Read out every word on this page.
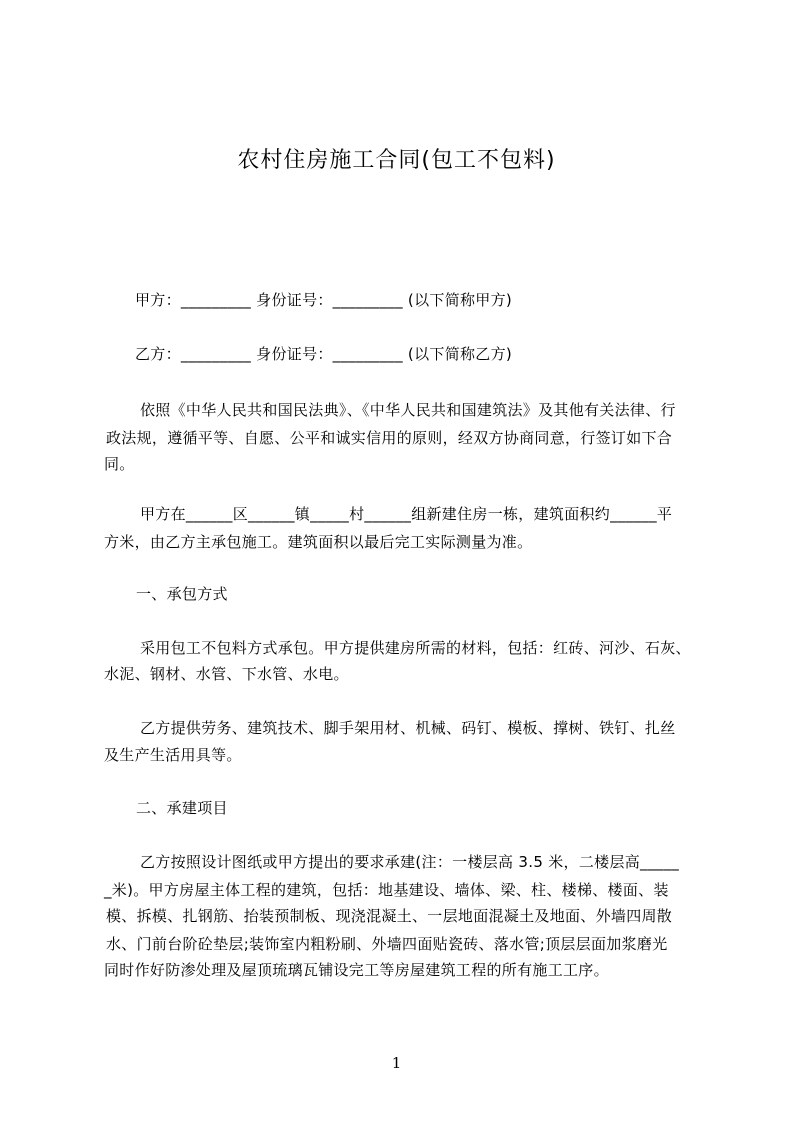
农村住房施工合同(包工不包料)
甲方：_________ 身份证号：_________ (以下简称甲方)
乙方：_________ 身份证号：_________ (以下简称乙方)
依照《中华人民共和国民法典》、《中华人民共和国建筑法》及其他有关法律、行
政法规，遵循平等、自愿、公平和诚实信用的原则，经双方协商同意，行签订如下合
同。
甲方在______区______镇_____村______组新建住房一栋，建筑面积约______平
方米，由乙方主承包施工。建筑面积以最后完工实际测量为准。
一、承包方式
采用包工不包料方式承包。甲方提供建房所需的材料，包括：红砖、河沙、石灰、
水泥、钢材、水管、下水管、水电。
乙方提供劳务、建筑技术、脚手架用材、机械、码钉、模板、撑树、铁钉、扎丝
及生产生活用具等。
二、承建项目
乙方按照设计图纸或甲方提出的要求承建(注：一楼层高 3.5 米，二楼层高_____
_米)。甲方房屋主体工程的建筑，包括：地基建设、墙体、梁、柱、楼梯、楼面、装
模、拆模、扎钢筋、抬装预制板、现浇混凝土、一层地面混凝土及地面、外墙四周散
水、门前台阶砼垫层;装饰室内粗粉刷、外墙四面贴瓷砖、落水管;顶层层面加浆磨光
同时作好防渗处理及屋顶琉璃瓦铺设完工等房屋建筑工程的所有施工工序。
1
